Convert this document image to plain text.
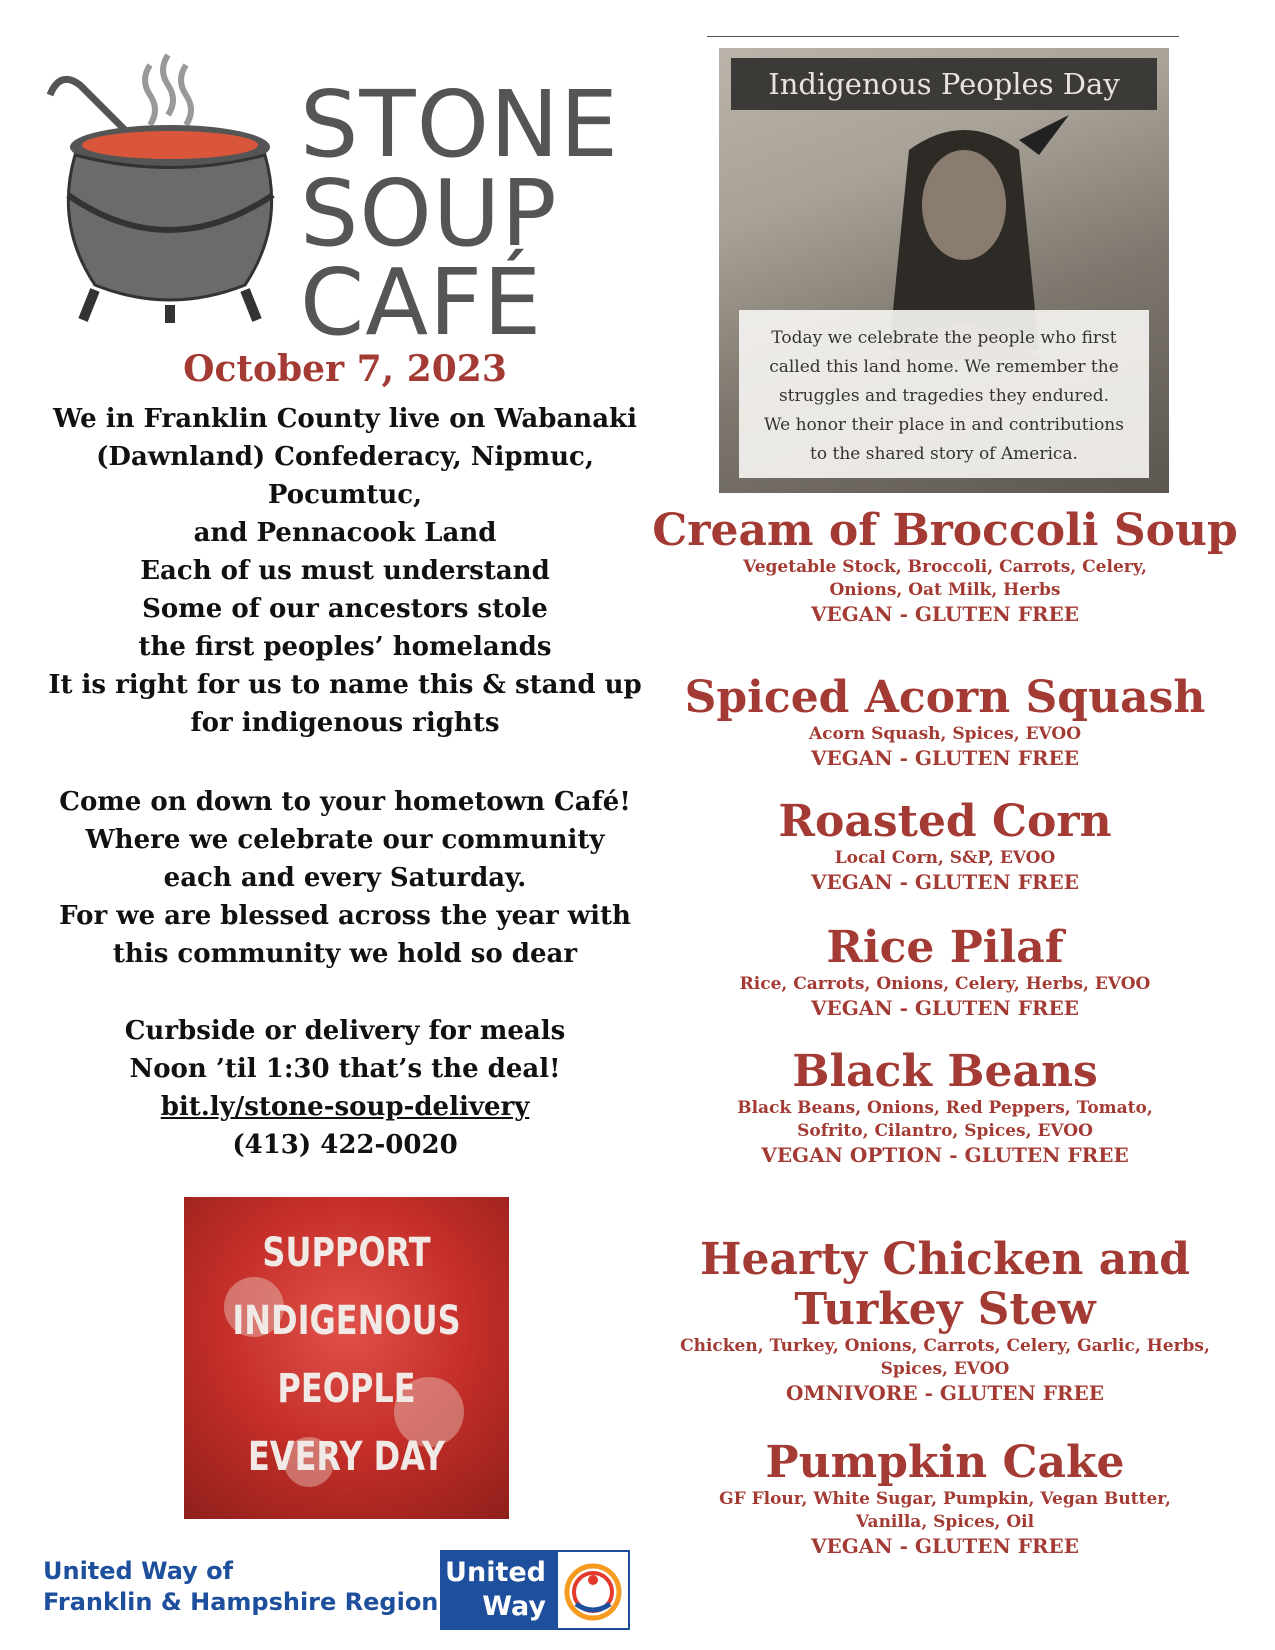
STONE
SOUP
CAFÉ
Indigenous Peoples Day
Today we celebrate the people who first
called this land home. We remember the
struggles and tragedies they endured.
We honor their place in and contributions
to the shared story of America.
October 7, 2023
We in Franklin County live on Wabanaki
(Dawnland) Confederacy, Nipmuc,
Pocumtuc,
and Pennacook Land
Each of us must understand
Some of our ancestors stole
the first peoples’ homelands
It is right for us to name this & stand up
for indigenous rights
Come on down to your hometown Café!
Where we celebrate our community
each and every Saturday.
For we are blessed across the year with
this community we hold so dear
Curbside or delivery for meals
Noon ’til 1:30 that’s the deal!
bit.ly/stone-soup-delivery
(413) 422-0020
SUPPORT
INDIGENOUS
PEOPLE
EVERY DAY
United Way of
Franklin & Hampshire Region
United
Way
Cream of Broccoli Soup
Vegetable Stock, Broccoli, Carrots, Celery,
Onions, Oat Milk, Herbs
VEGAN - GLUTEN FREE
Spiced Acorn Squash
Acorn Squash, Spices, EVOO
VEGAN - GLUTEN FREE
Roasted Corn
Local Corn, S&P, EVOO
VEGAN - GLUTEN FREE
Rice Pilaf
Rice, Carrots, Onions, Celery, Herbs, EVOO
VEGAN - GLUTEN FREE
Black Beans
Black Beans, Onions, Red Peppers, Tomato,
Sofrito, Cilantro, Spices, EVOO
VEGAN OPTION - GLUTEN FREE
Hearty Chicken and
Turkey Stew
Chicken, Turkey, Onions, Carrots, Celery, Garlic, Herbs,
Spices, EVOO
OMNIVORE - GLUTEN FREE
Pumpkin Cake
GF Flour, White Sugar, Pumpkin, Vegan Butter,
Vanilla, Spices, Oil
VEGAN - GLUTEN FREE
